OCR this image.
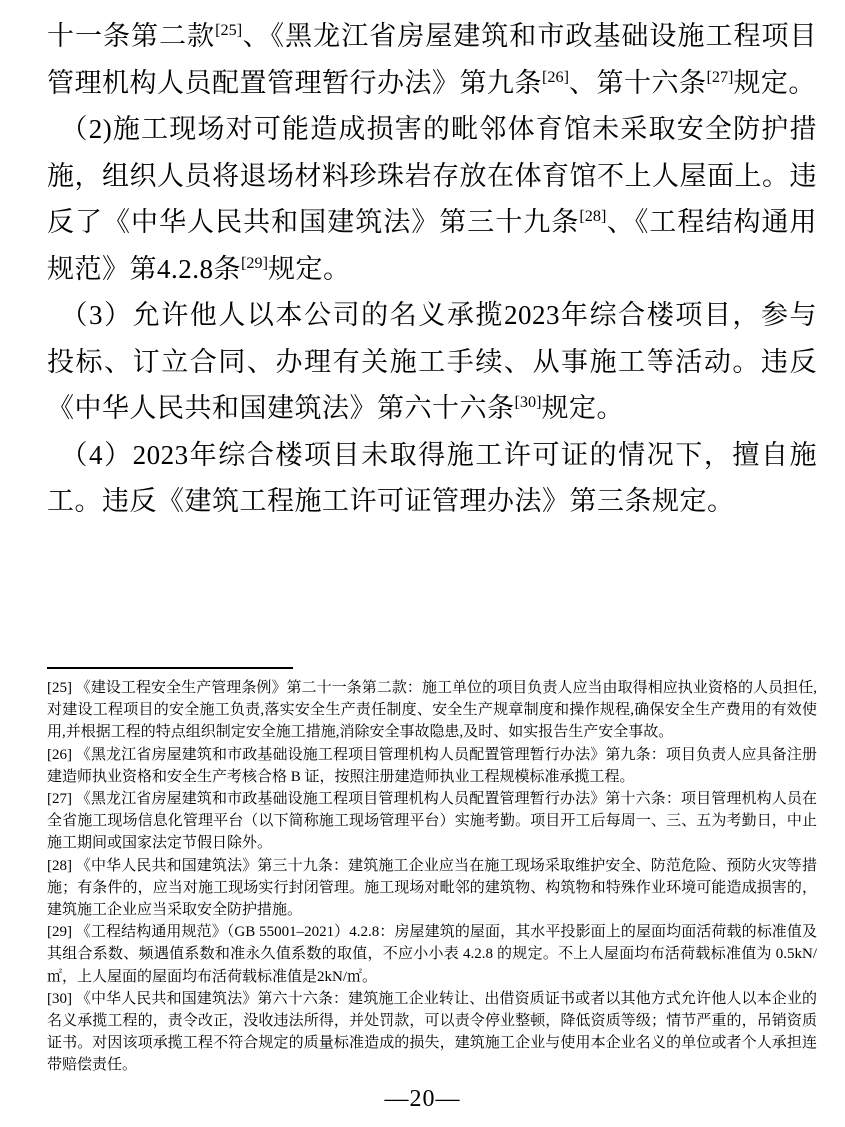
十一条第二款[25]、《黑龙江省房屋建筑和市政基础设施工程项目管理机构人员配置管理暂行办法》第九条[26]、第十六条[27]规定。

（2)施工现场对可能造成损害的毗邻体育馆未采取安全防护措施，组织人员将退场材料珍珠岩存放在体育馆不上人屋面上。违反了《中华人民共和国建筑法》第三十九条[28]、《工程结构通用规范》第4.2.8条[29]规定。

（3）允许他人以本公司的名义承揽2023年综合楼项目，参与投标、订立合同、办理有关施工手续、从事施工等活动。违反《中华人民共和国建筑法》第六十六条[30]规定。

（4）2023年综合楼项目未取得施工许可证的情况下，擅自施工。违反《建筑工程施工许可证管理办法》第三条规定。

[25] 《建设工程安全生产管理条例》第二十一条第二款：施工单位的项目负责人应当由取得相应执业资格的人员担任,对建设工程项目的安全施工负责,落实安全生产责任制度、安全生产规章制度和操作规程,确保安全生产费用的有效使用,并根据工程的特点组织制定安全施工措施,消除安全事故隐患,及时、如实报告生产安全事故。
[26] 《黑龙江省房屋建筑和市政基础设施工程项目管理机构人员配置管理暂行办法》第九条：项目负责人应具备注册建造师执业资格和安全生产考核合格 B 证，按照注册建造师执业工程规模标准承揽工程。
[27] 《黑龙江省房屋建筑和市政基础设施工程项目管理机构人员配置管理暂行办法》第十六条：项目管理机构人员在全省施工现场信息化管理平台（以下简称施工现场管理平台）实施考勤。项目开工后每周一、三、五为考勤日，中止施工期间或国家法定节假日除外。
[28] 《中华人民共和国建筑法》第三十九条：建筑施工企业应当在施工现场采取维护安全、防范危险、预防火灾等措施；有条件的，应当对施工现场实行封闭管理。施工现场对毗邻的建筑物、构筑物和特殊作业环境可能造成损害的，建筑施工企业应当采取安全防护措施。
[29] 《工程结构通用规范》（GB 55001–2021）4.2.8：房屋建筑的屋面，其水平投影面上的屋面均面活荷载的标准值及其组合系数、频遇值系数和准永久值系数的取值，不应小小表 4.2.8 的规定。不上人屋面均布活荷载标准值为 0.5kN/㎡，上人屋面的屋面均布活荷载标准值是2kN/㎡。
[30] 《中华人民共和国建筑法》第六十六条：建筑施工企业转让、出借资质证书或者以其他方式允许他人以本企业的名义承揽工程的，责令改正，没收违法所得，并处罚款，可以责令停业整顿，降低资质等级；情节严重的，吊销资质证书。对因该项承揽工程不符合规定的质量标准造成的损失，建筑施工企业与使用本企业名义的单位或者个人承担连带赔偿责任。
—20—
